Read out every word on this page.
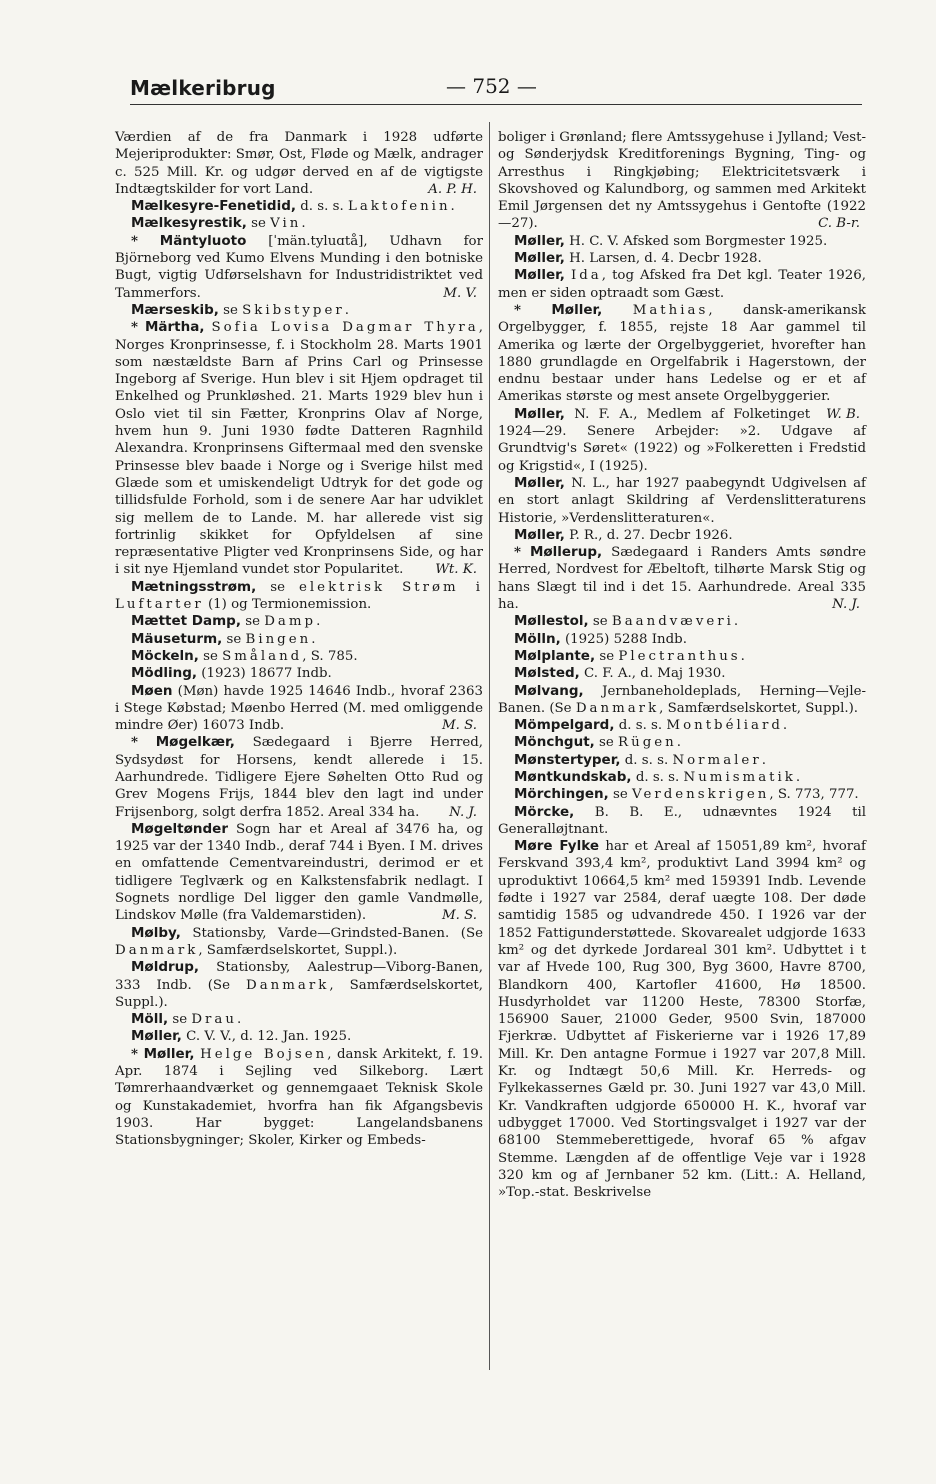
Mælkeribrug	— 752 —

Værdien af de fra Danmark i 1928 udførte Mejeriprodukter: Smør, Ost, Fløde og Mælk, andrager c. 525 Mill. Kr. og udgør derved en af de vigtigste Indtægtskilder for vort Land.	A. P. H.

Mælkesyre-Fenetidid, d. s. s. Laktofenin.

Mælkesyrestik, se Vin.

* Mäntyluoto [ˈmän.tyluɑtå], Udhavn for Björneborg ved Kumo Elvens Munding i den botniske Bugt, vigtig Udførselshavn for Industridistriktet ved Tammerfors.	M. V.

Mærseskib, se Skibstyper.

* Märtha, Sofia Lovisa Dagmar Thyra, Norges Kronprinsesse, f. i Stockholm 28. Marts 1901 som næstældste Barn af Prins Carl og Prinsesse Ingeborg af Sverige. Hun blev i sit Hjem opdraget til Enkelhed og Prunkløshed. 21. Marts 1929 blev hun i Oslo viet til sin Fætter, Kronprins Olav af Norge, hvem hun 9. Juni 1930 fødte Datteren Ragnhild Alexandra. Kronprinsens Giftermaal med den svenske Prinsesse blev baade i Norge og i Sverige hilst med Glæde som et umiskendeligt Udtryk for det gode og tillidsfulde Forhold, som i de senere Aar har udviklet sig mellem de to Lande. M. har allerede vist sig fortrinlig skikket for Opfyldelsen af sine repræsentative Pligter ved Kronprinsens Side, og har i sit nye Hjemland vundet stor Popularitet.	Wt. K.

Mætningsstrøm, se elektrisk Strøm i Luftarter (1) og Termionemission.

Mættet Damp, se Damp.

Mäuseturm, se Bingen.

Möckeln, se Småland, S. 785.

Mödling, (1923) 18677 Indb.

Møen (Møn) havde 1925 14646 Indb., hvoraf 2363 i Stege Købstad; Møenbo Herred (M. med omliggende mindre Øer) 16073 Indb.	M. S.

* Møgelkær, Sædegaard i Bjerre Herred, Sydsydøst for Horsens, kendt allerede i 15. Aarhundrede. Tidligere Ejere Søhelten Otto Rud og Grev Mogens Frijs, 1844 blev den lagt ind under Frijsenborg, solgt derfra 1852. Areal 334 ha.	N. J.

Møgeltønder Sogn har et Areal af 3476 ha, og 1925 var der 1340 Indb., deraf 744 i Byen. I M. drives en omfattende Cementvareindustri, derimod er et tidligere Teglværk og en Kalkstensfabrik nedlagt. I Sognets nordlige Del ligger den gamle Vandmølle, Lindskov Mølle (fra Valdemarstiden).	M. S.

Mølby, Stationsby, Varde—Grindsted-Banen. (Se Danmark, Samfærdselskortet, Suppl.).

Møldrup, Stationsby, Aalestrup—Viborg-Banen, 333 Indb. (Se Danmark, Samfærdselskortet, Suppl.).

Möll, se Drau.

Møller, C. V. V., d. 12. Jan. 1925.

* Møller, Helge Bojsen, dansk Arkitekt, f. 19. Apr. 1874 i Sejling ved Silkeborg. Lært Tømrerhaandværket og gennemgaaet Teknisk Skole og Kunstakademiet, hvorfra han fik Afgangsbevis 1903. Har bygget: Langelandsbanens Stationsbygninger; Skoler, Kirker og Embeds-

boliger i Grønland; flere Amtssygehuse i Jylland; Vest- og Sønderjydsk Kreditforenings Bygning, Ting- og Arresthus i Ringkjøbing; Elektricitetsværk i Skovshoved og Kalundborg, og sammen med Arkitekt Emil Jørgensen det ny Amtssygehus i Gentofte (1922—27).	C. B-r.

Møller, H. C. V. Afsked som Borgmester 1925.

Møller, H. Larsen, d. 4. Decbr 1928.

Møller, Ida, tog Afsked fra Det kgl. Teater 1926, men er siden optraadt som Gæst.

* Møller, Mathias, dansk-amerikansk Orgelbygger, f. 1855, rejste 18 Aar gammel til Amerika og lærte der Orgelbyggeriet, hvorefter han 1880 grundlagde en Orgelfabrik i Hagerstown, der endnu bestaar under hans Ledelse og er et af Amerikas største og mest ansete Orgelbyggerier.
W. B.

Møller, N. F. A., Medlem af Folketinget 1924—29. Senere Arbejder: »2. Udgave af Grundtvig's Søret« (1922) og »Folkeretten i Fredstid og Krigstid«, I (1925).

Møller, N. L., har 1927 paabegyndt Udgivelsen af en stort anlagt Skildring af Verdenslitteraturens Historie, »Verdenslitteraturen«.

Møller, P. R., d. 27. Decbr 1926.

* Møllerup, Sædegaard i Randers Amts søndre Herred, Nordvest for Æbeltoft, tilhørte Marsk Stig og hans Slægt til ind i det 15. Aarhundrede. Areal 335 ha.	N. J.

Møllestol, se Baandvæveri.

Mölln, (1925) 5288 Indb.

Mølplante, se Plectranthus.

Mølsted, C. F. A., d. Maj 1930.

Mølvang, Jernbaneholdeplads, Herning—Vejle-Banen. (Se Danmark, Samfærdselskortet, Suppl.).

Mömpelgard, d. s. s. Montbéliard.

Mönchgut, se Rügen.

Mønstertyper, d. s. s. Normaler.

Møntkundskab, d. s. s. Numismatik.

Mörchingen, se Verdenskrigen, S. 773, 777.

Mörcke, B. B. E., udnævntes 1924 til Generalløjtnant.

Møre Fylke har et Areal af 15051,89 km², hvoraf Ferskvand 393,4 km², produktivt Land 3994 km² og uproduktivt 10664,5 km² med 159391 Indb. Levende fødte i 1927 var 2584, deraf uægte 108. Der døde samtidig 1585 og udvandrede 450. I 1926 var der 1852 Fattigunderstøttede. Skovarealet udgjorde 1633 km² og det dyrkede Jordareal 301 km². Udbyttet i t var af Hvede 100, Rug 300, Byg 3600, Havre 8700, Blandkorn 400, Kartofler 41600, Hø 18500. Husdyrholdet var 11200 Heste, 78300 Storfæ, 156900 Sauer, 21000 Geder, 9500 Svin, 187000 Fjerkræ. Udbyttet af Fiskerierne var i 1926 17,89 Mill. Kr. Den antagne Formue i 1927 var 207,8 Mill. Kr. og Indtægt 50,6 Mill. Kr. Herreds- og Fylkekassernes Gæld pr. 30. Juni 1927 var 43,0 Mill. Kr. Vandkraften udgjorde 650000 H. K., hvoraf var udbygget 17000. Ved Stortingsvalget i 1927 var der 68100 Stemmeberettigede, hvoraf 65 % afgav Stemme. Længden af de offentlige Veje var i 1928 320 km og af Jernbaner 52 km. (Litt.: A. Helland, »Top.-stat. Beskrivelse
